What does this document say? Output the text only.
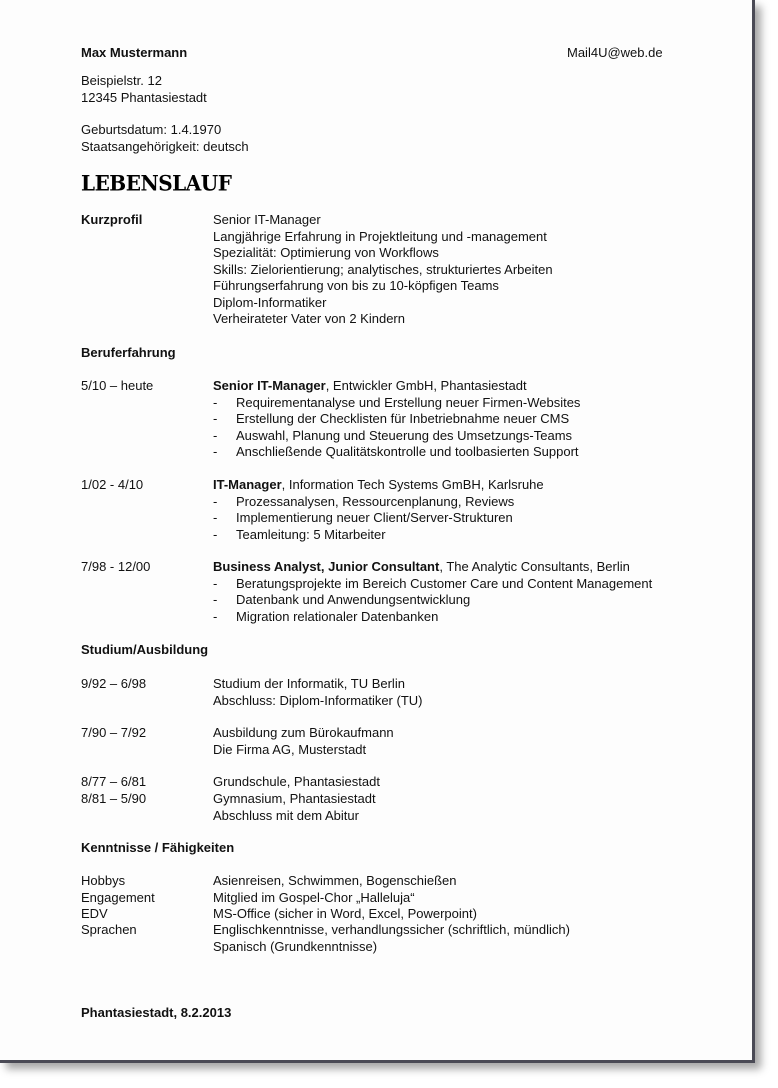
Max Mustermann	Mail4U@web.de
Beispielstr. 12
12345 Phantasiestadt
Geburtsdatum: 1.4.1970
Staatsangehörigkeit: deutsch
LEBENSLAUF
Kurzprofil	Senior IT-Manager
Langjährige Erfahrung in Projektleitung und -management
Spezialität: Optimierung von Workflows
Skills: Zielorientierung; analytisches, strukturiertes Arbeiten
Führungserfahrung von bis zu 10-köpfigen Teams
Diplom-Informatiker
Verheirateter Vater von 2 Kindern
Beruferfahrung
Studium/Ausbildung
Kenntnisse / Fähigkeiten
Phantasiestadt, 8.2.2013
5/10 – heute	Senior IT-Manager, Entwickler GmbH, Phantasiestadt
- Requirementanalyse und Erstellung neuer Firmen-Websites
- Erstellung der Checklisten für Inbetriebnahme neuer CMS
- Auswahl, Planung und Steuerung des Umsetzungs-Teams
- Anschließende Qualitätskontrolle und toolbasierten Support
1/02 - 4/10	IT-Manager, Information Tech Systems GmBH, Karlsruhe
- Prozessanalysen, Ressourcenplanung, Reviews
- Implementierung neuer Client/Server-Strukturen
- Teamleitung: 5 Mitarbeiter
7/98 - 12/00	Business Analyst, Junior Consultant, The Analytic Consultants, Berlin
- Beratungsprojekte im Bereich Customer Care und Content Management
- Datenbank und Anwendungsentwicklung
- Migration relationaler Datenbanken
9/92 – 6/98	Studium der Informatik, TU Berlin
Abschluss: Diplom-Informatiker (TU)
7/90 – 7/92	Ausbildung zum Bürokaufmann
Die Firma AG, Musterstadt
8/77 – 6/81	Grundschule, Phantasiestadt
8/81 – 5/90	Gymnasium, Phantasiestadt
Abschluss mit dem Abitur
Hobbys	Asienreisen, Schwimmen, Bogenschießen
Engagement	Mitglied im Gospel-Chor „Halleluja“
EDV	MS-Office (sicher in Word, Excel, Powerpoint)
Sprachen	Englischkenntnisse, verhandlungssicher (schriftlich, mündlich)
Spanisch (Grundkenntnisse)
